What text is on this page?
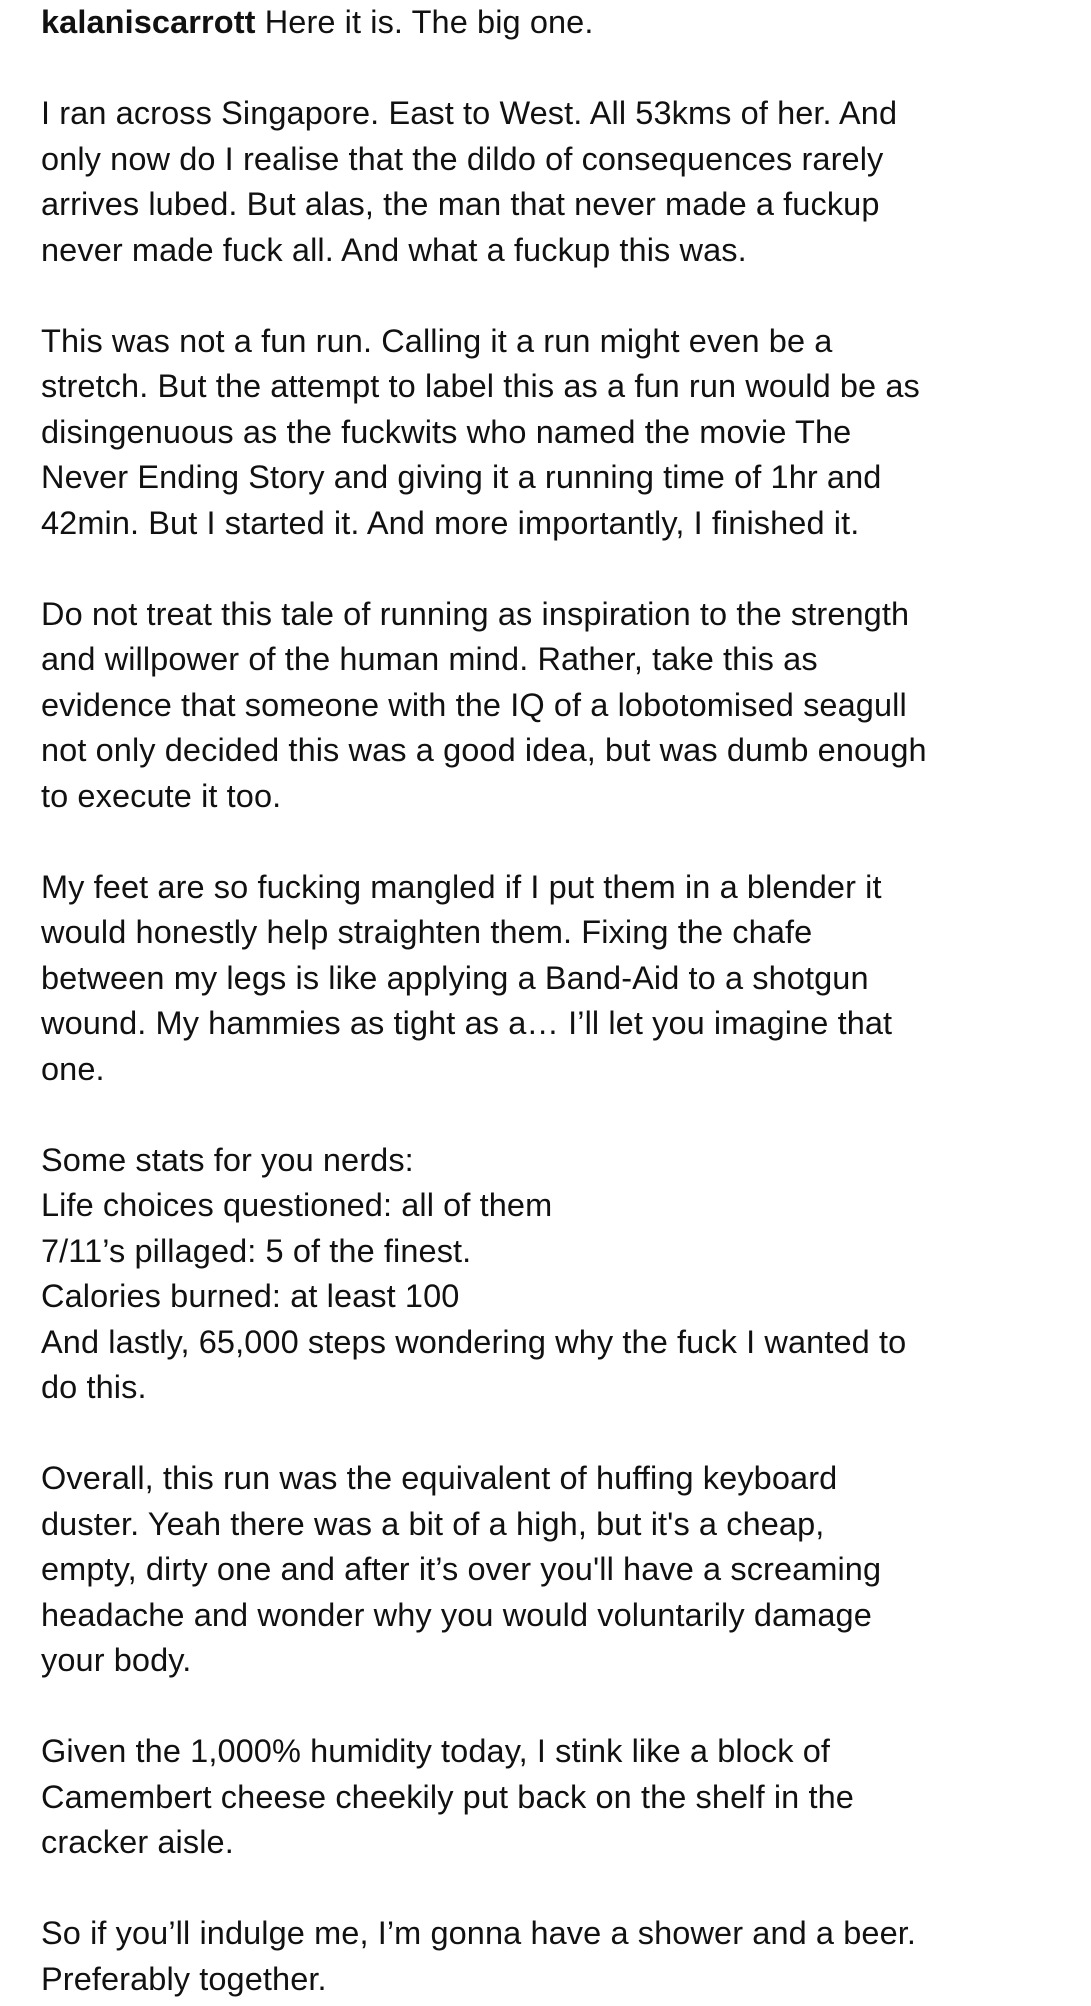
kalaniscarrott Here it is. The big one.
I ran across Singapore. East to West. All 53kms of her. And
only now do I realise that the dildo of consequences rarely
arrives lubed. But alas, the man that never made a fuckup
never made fuck all. And what a fuckup this was.
This was not a fun run. Calling it a run might even be a
stretch. But the attempt to label this as a fun run would be as
disingenuous as the fuckwits who named the movie The
Never Ending Story and giving it a running time of 1hr and
42min. But I started it. And more importantly, I finished it.
Do not treat this tale of running as inspiration to the strength
and willpower of the human mind. Rather, take this as
evidence that someone with the IQ of a lobotomised seagull
not only decided this was a good idea, but was dumb enough
to execute it too.
My feet are so fucking mangled if I put them in a blender it
would honestly help straighten them. Fixing the chafe
between my legs is like applying a Band-Aid to a shotgun
wound. My hammies as tight as a… I’ll let you imagine that
one.
Some stats for you nerds:
Life choices questioned: all of them
7/11’s pillaged: 5 of the finest.
Calories burned: at least 100
And lastly, 65,000 steps wondering why the fuck I wanted to
do this.
Overall, this run was the equivalent of huffing keyboard
duster. Yeah there was a bit of a high, but it's a cheap,
empty, dirty one and after it’s over you'll have a screaming
headache and wonder why you would voluntarily damage
your body.
Given the 1,000% humidity today, I stink like a block of
Camembert cheese cheekily put back on the shelf in the
cracker aisle.
So if you’ll indulge me, I’m gonna have a shower and a beer.
Preferably together.
